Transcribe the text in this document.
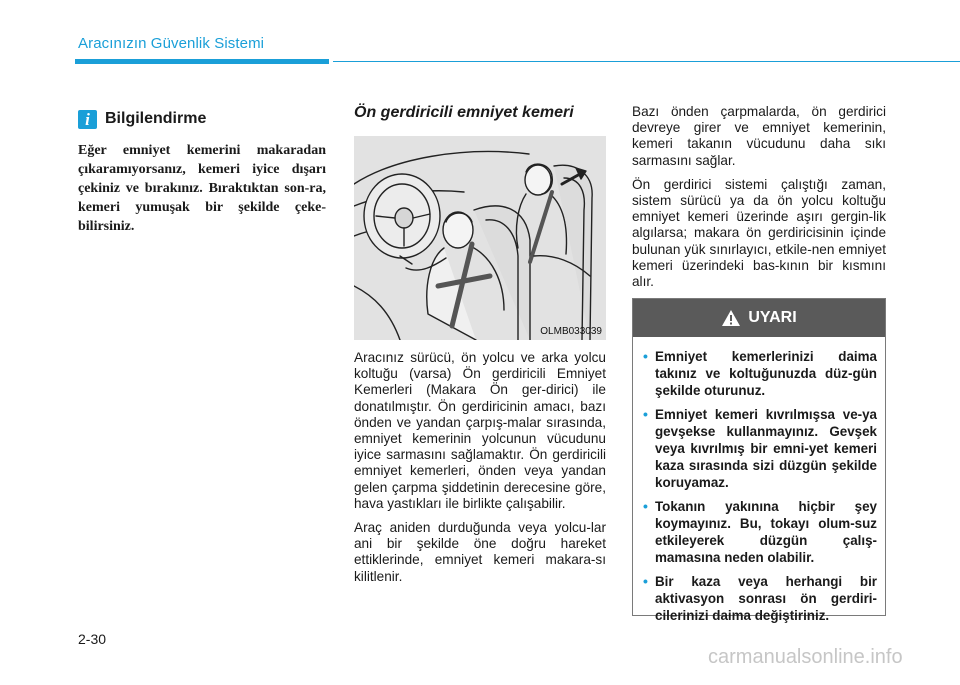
Aracınızın Güvenlik Sistemi
i Bilgilendirme
Eğer emniyet kemerini makaradan çıkaramıyorsanız, kemeri iyice dışarı çekiniz ve bırakınız. Bıraktıktan son-ra, kemeri yumuşak bir şekilde çeke-bilirsiniz.
Ön gerdiricili emniyet kemeri
OLMB033039

Aracınız sürücü, ön yolcu ve arka yolcu koltuğu (varsa) Ön gerdiricili Emniyet Kemerleri (Makara Ön ger-dirici) ile donatılmıştır. Ön gerdiricinin amacı, bazı önden ve yandan çarpış-malar sırasında, emniyet kemerinin yolcunun vücudunu iyice sarmasını sağlamaktır. Ön gerdiricili emniyet kemerleri, önden veya yandan gelen çarpma şiddetinin derecesine göre, hava yastıkları ile birlikte çalışabilir.

Araç aniden durduğunda veya yolcu-lar ani bir şekilde öne doğru hareket ettiklerinde, emniyet kemeri makara-sı kilitlenir.

Bazı önden çarpmalarda, ön gerdirici devreye girer ve emniyet kemerinin, kemeri takanın vücudunu daha sıkı sarmasını sağlar.

Ön gerdirici sistemi çalıştığı zaman, sistem sürücü ya da ön yolcu koltuğu emniyet kemeri üzerinde aşırı gergin-lik algılarsa; makara ön gerdiricisinin içinde bulunan yük sınırlayıcı, etkile-nen emniyet kemeri üzerindeki bas-kının bir kısmını alır.

UYARI
• Emniyet kemerlerinizi daima takınız ve koltuğunuzda düz-gün şekilde oturunuz.
• Emniyet kemeri kıvrılmışsa ve-ya gevşekse kullanmayınız. Gevşek veya kıvrılmış bir emni-yet kemeri kaza sırasında sizi düzgün şekilde koruyamaz.
• Tokanın yakınına hiçbir şey koymayınız. Bu, tokayı olum-suz etkileyerek düzgün çalış-mamasına neden olabilir.
• Bir kaza veya herhangi bir aktivasyon sonrası ön gerdiri-cilerinizi daima değiştiriniz.
2-30
carmanualsonline.info
